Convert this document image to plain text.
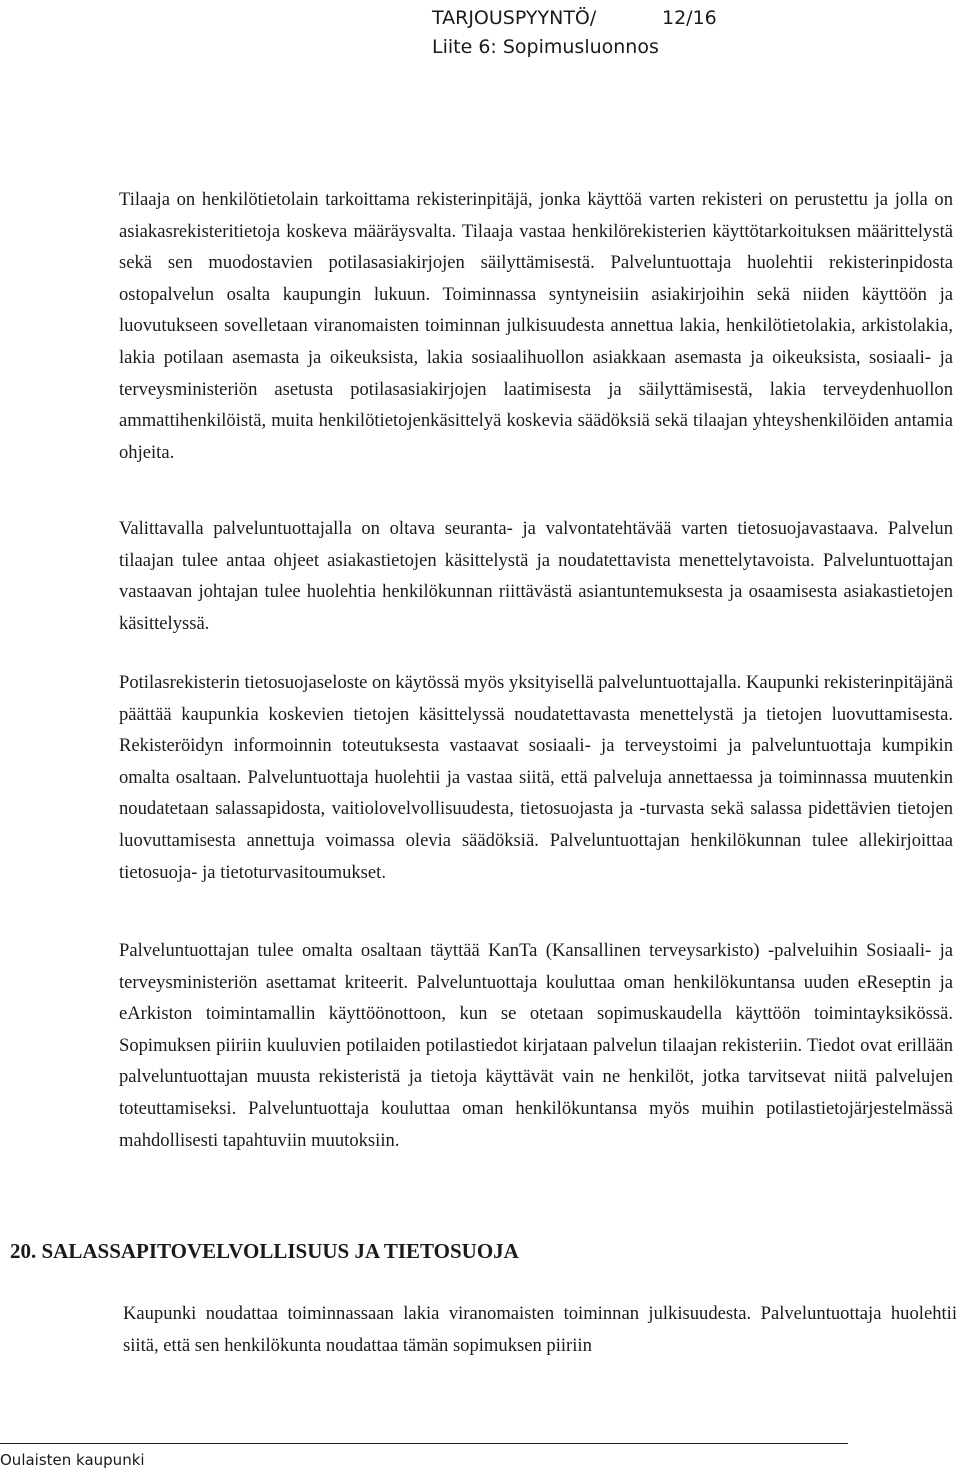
TARJOUSPYYNTÖ/	12/16
Liite 6: Sopimusluonnos

Tilaaja on henkilötietolain tarkoittama rekisterinpitäjä, jonka käyttöä varten rekisteri on perustettu ja jolla on asiakasrekisteritietoja koskeva määräysvalta. Tilaaja vastaa henkilörekisterien käyttötarkoituksen määrittelystä sekä sen muodostavien potilasasiakirjojen säilyttämisestä. Palveluntuottaja huolehtii rekisterinpidosta ostopalvelun osalta kaupungin lukuun. Toiminnassa syntyneisiin asiakirjoihin sekä niiden käyttöön ja luovutukseen sovelletaan viranomaisten toiminnan julkisuudesta annettua lakia, henkilötietolakia, arkistolakia, lakia potilaan asemasta ja oikeuksista, lakia sosiaalihuollon asiakkaan asemasta ja oikeuksista, sosiaali- ja terveysministeriön asetusta potilasasiakirjojen laatimisesta ja säilyttämisestä, lakia terveydenhuollon ammattihenkilöistä, muita henkilötietojenkäsittelyä koskevia säädöksiä sekä tilaajan yhteyshenkilöiden antamia ohjeita.

Valittavalla palveluntuottajalla on oltava seuranta- ja valvontatehtävää varten tietosuojavastaava. Palvelun tilaajan tulee antaa ohjeet asiakastietojen käsittelystä ja noudatettavista menettelytavoista. Palveluntuottajan vastaavan johtajan tulee huolehtia henkilökunnan riittävästä asiantuntemuksesta ja osaamisesta asiakastietojen käsittelyssä.

Potilasrekisterin tietosuojaseloste on käytössä myös yksityisellä palveluntuottajalla. Kaupunki rekisterinpitäjänä päättää kaupunkia koskevien tietojen käsittelyssä noudatettavasta menettelystä ja tietojen luovuttamisesta. Rekisteröidyn informoinnin toteutuksesta vastaavat sosiaali- ja terveystoimi ja palveluntuottaja kumpikin omalta osaltaan. Palveluntuottaja huolehtii ja vastaa siitä, että palveluja annettaessa ja toiminnassa muutenkin noudatetaan salassapidosta, vaitiolovelvollisuudesta, tietosuojasta ja -turvasta sekä salassa pidettävien tietojen luovuttamisesta annettuja voimassa olevia säädöksiä. Palveluntuottajan henkilökunnan tulee allekirjoittaa tietosuoja- ja tietoturvasitoumukset.

Palveluntuottajan tulee omalta osaltaan täyttää KanTa (Kansallinen terveysarkisto) -palveluihin Sosiaali- ja terveysministeriön asettamat kriteerit. Palveluntuottaja kouluttaa oman henkilökuntansa uuden eReseptin ja eArkiston toimintamallin käyttöönottoon, kun se otetaan sopimuskaudella käyttöön toimintayksikössä. Sopimuksen piiriin kuuluvien potilaiden potilastiedot kirjataan palvelun tilaajan rekisteriin. Tiedot ovat erillään palveluntuottajan muusta rekisteristä ja tietoja käyttävät vain ne henkilöt, jotka tarvitsevat niitä palvelujen toteuttamiseksi. Palveluntuottaja kouluttaa oman henkilökuntansa myös muihin potilastietojärjestelmässä mahdollisesti tapahtuviin muutoksiin.

20. SALASSAPITOVELVOLLISUUS JA TIETOSUOJA

Kaupunki noudattaa toiminnassaan lakia viranomaisten toiminnan julkisuudesta. Palveluntuottaja huolehtii siitä, että sen henkilökunta noudattaa tämän sopimuksen piiriin

Oulaisten kaupunki
